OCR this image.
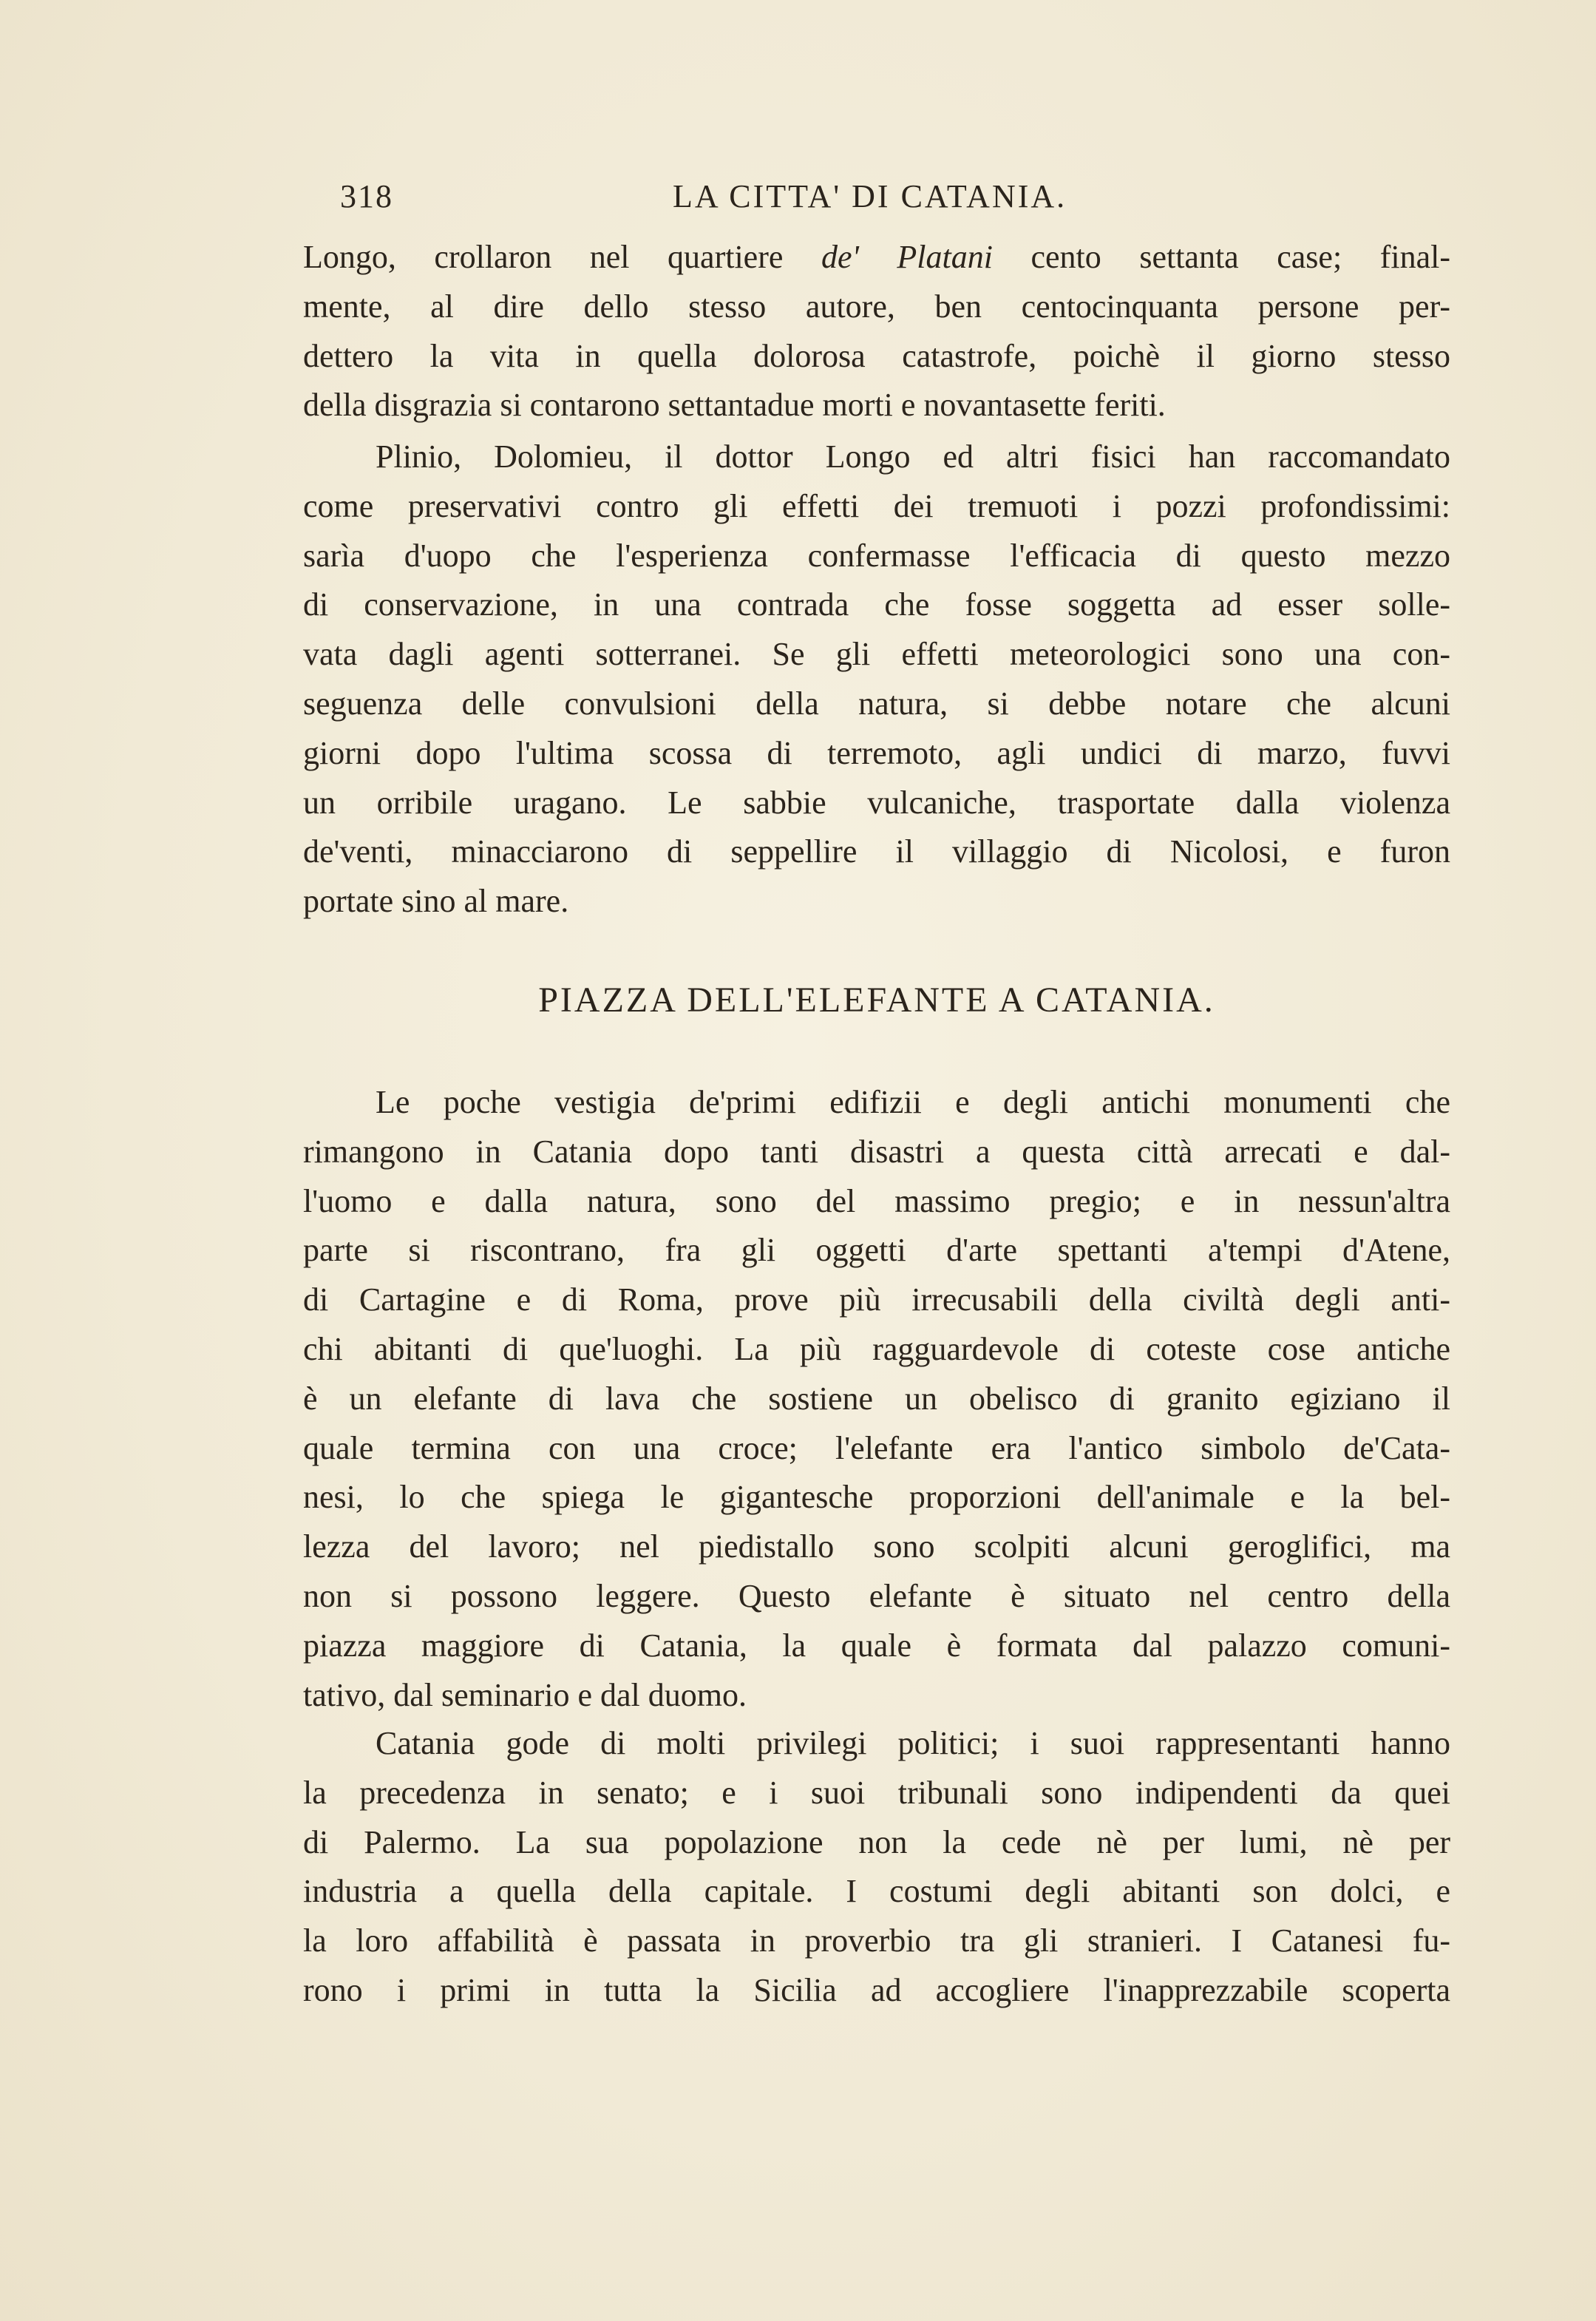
318	LA CITTA' DI CATANIA.

Longo, crollaron nel quartiere de' Platani cento settanta case; final-
mente, al dire dello stesso autore, ben centocinquanta persone per-
dettero la vita in quella dolorosa catastrofe, poichè il giorno stesso
della disgrazia si contarono settantadue morti e novantasette feriti.

Plinio, Dolomieu, il dottor Longo ed altri fisici han raccomandato
come preservativi contro gli effetti dei tremuoti i pozzi profondissimi:
sarìa d'uopo che l'esperienza confermasse l'efficacia di questo mezzo
di conservazione, in una contrada che fosse soggetta ad esser solle-
vata dagli agenti sotterranei. Se gli effetti meteorologici sono una con-
seguenza delle convulsioni della natura, si debbe notare che alcuni
giorni dopo l'ultima scossa di terremoto, agli undici di marzo, fuvvi
un orribile uragano. Le sabbie vulcaniche, trasportate dalla violenza
de'venti, minacciarono di seppellire il villaggio di Nicolosi, e furon
portate sino al mare.

PIAZZA DELL'ELEFANTE A CATANIA.

Le poche vestigia de'primi edifizii e degli antichi monumenti che
rimangono in Catania dopo tanti disastri a questa città arrecati e dal-
l'uomo e dalla natura, sono del massimo pregio; e in nessun'altra
parte si riscontrano, fra gli oggetti d'arte spettanti a'tempi d'Atene,
di Cartagine e di Roma, prove più irrecusabili della civiltà degli anti-
chi abitanti di que'luoghi. La più ragguardevole di coteste cose antiche
è un elefante di lava che sostiene un obelisco di granito egiziano il
quale termina con una croce; l'elefante era l'antico simbolo de'Cata-
nesi, lo che spiega le gigantesche proporzioni dell'animale e la bel-
lezza del lavoro; nel piedistallo sono scolpiti alcuni geroglifici, ma
non si possono leggere. Questo elefante è situato nel centro della
piazza maggiore di Catania, la quale è formata dal palazzo comuni-
tativo, dal seminario e dal duomo.

Catania gode di molti privilegi politici; i suoi rappresentanti hanno
la precedenza in senato; e i suoi tribunali sono indipendenti da quei
di Palermo. La sua popolazione non la cede nè per lumi, nè per
industria a quella della capitale. I costumi degli abitanti son dolci, e
la loro affabilità è passata in proverbio tra gli stranieri. I Catanesi fu-
rono i primi in tutta la Sicilia ad accogliere l'inapprezzabile scoperta
